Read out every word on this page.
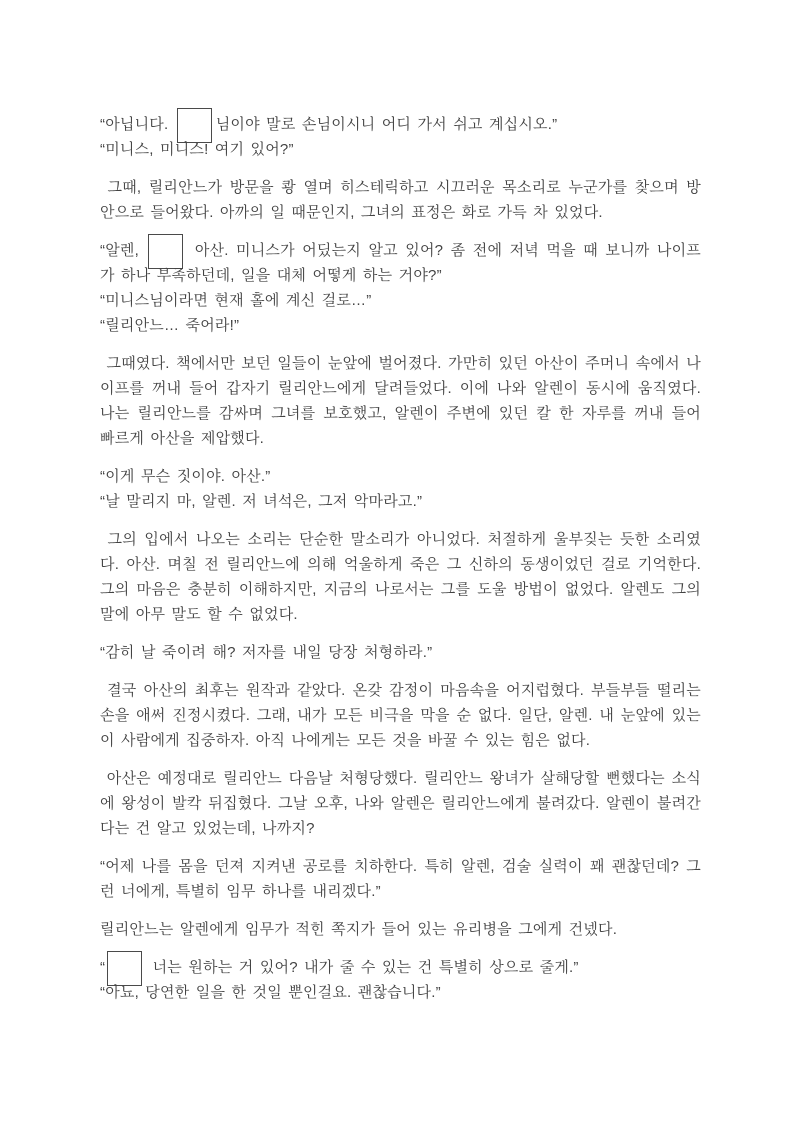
“아닙니다.	님이야 말로 손님이시니 어디 가서 쉬고 계십시오.”

“미니스, 미니스! 여기 있어?”

그때, 릴리안느가 방문을 쾅 열며 히스테릭하고 시끄러운 목소리로 누군가를 찾으며 방 안으로 들어왔다. 아까의 일 때문인지, 그녀의 표정은 화로 가득 차 있었다.

“알렌,	아산. 미니스가 어딨는지 알고 있어? 좀 전에 저녁 먹을 때 보니까 나이프가 하나 부족하던데, 일을 대체 어떻게 하는 거야?”

“미니스님이라면 현재 홀에 계신 걸로…”

“릴리안느… 죽어라!”

그때였다. 책에서만 보던 일들이 눈앞에 벌어졌다. 가만히 있던 아산이 주머니 속에서 나이프를 꺼내 들어 갑자기 릴리안느에게 달려들었다. 이에 나와 알렌이 동시에 움직였다. 나는 릴리안느를 감싸며 그녀를 보호했고, 알렌이 주변에 있던 칼 한 자루를 꺼내 들어 빠르게 아산을 제압했다.

“이게 무슨 짓이야. 아산.”

“날 말리지 마, 알렌. 저 녀석은, 그저 악마라고.”

그의 입에서 나오는 소리는 단순한 말소리가 아니었다. 처절하게 울부짖는 듯한 소리였다. 아산. 며칠 전 릴리안느에 의해 억울하게 죽은 그 신하의 동생이었던 걸로 기억한다. 그의 마음은 충분히 이해하지만, 지금의 나로서는 그를 도울 방법이 없었다. 알렌도 그의 말에 아무 말도 할 수 없었다.

“감히 날 죽이려 해? 저자를 내일 당장 처형하라.”

결국 아산의 최후는 원작과 같았다. 온갖 감정이 마음속을 어지럽혔다. 부들부들 떨리는 손을 애써 진정시켰다. 그래, 내가 모든 비극을 막을 순 없다. 일단, 알렌. 내 눈앞에 있는 이 사람에게 집중하자. 아직 나에게는 모든 것을 바꿀 수 있는 힘은 없다.

아산은 예정대로 릴리안느 다음날 처형당했다. 릴리안느 왕녀가 살해당할 뻔했다는 소식에 왕성이 발칵 뒤집혔다. 그날 오후, 나와 알렌은 릴리안느에게 불려갔다. 알렌이 불려간다는 건 알고 있었는데, 나까지?

“어제 나를 몸을 던져 지켜낸 공로를 치하한다. 특히 알렌, 검술 실력이 꽤 괜찮던데? 그런 너에게, 특별히 임무 하나를 내리겠다.”

릴리안느는 알렌에게 임무가 적힌 쪽지가 들어 있는 유리병을 그에게 건넸다.

“	너는 원하는 거 있어? 내가 줄 수 있는 건 특별히 상으로 줄게.”

“아뇨, 당연한 일을 한 것일 뿐인걸요. 괜찮습니다.”
